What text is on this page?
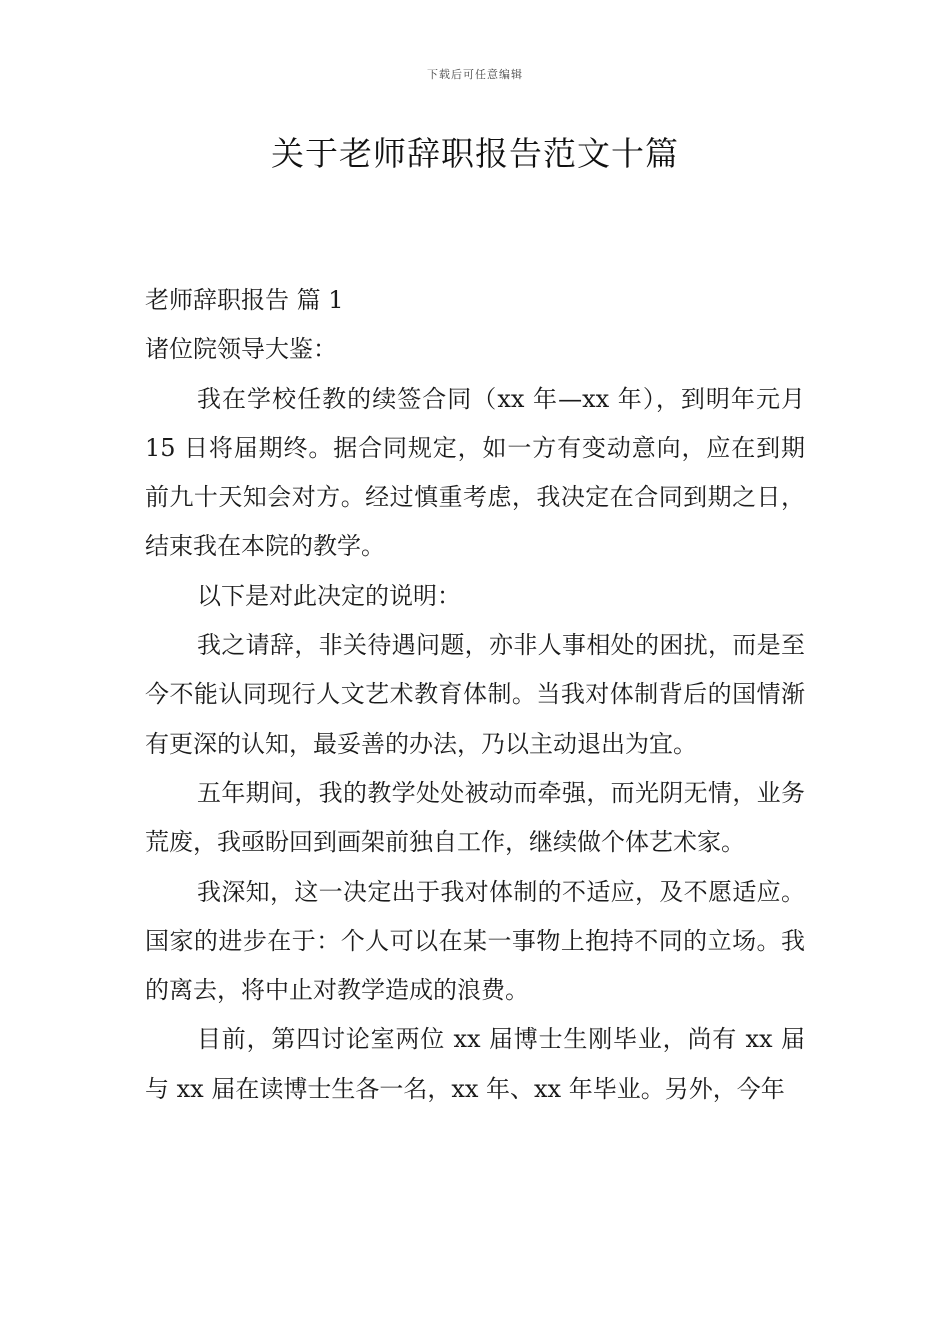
下载后可任意编辑
关于老师辞职报告范文十篇

老师辞职报告 篇 1

诸位院领导大鉴：

我在学校任教的续签合同（xx 年—xx 年），到明年元月 15 日将届期终。据合同规定，如一方有变动意向，应在到期前九十天知会对方。经过慎重考虑，我决定在合同到期之日，结束我在本院的教学。

以下是对此决定的说明：

我之请辞，非关待遇问题，亦非人事相处的困扰，而是至今不能认同现行人文艺术教育体制。当我对体制背后的国情渐有更深的认知，最妥善的办法，乃以主动退出为宜。

五年期间，我的教学处处被动而牵强，而光阴无情，业务荒废，我亟盼回到画架前独自工作，继续做个体艺术家。

我深知，这一决定出于我对体制的不适应，及不愿适应。国家的进步在于：个人可以在某一事物上抱持不同的立场。我的离去，将中止对教学造成的浪费。

目前，第四讨论室两位 xx 届博士生刚毕业，尚有 xx 届与 xx 届在读博士生各一名，xx 年、xx 年毕业。另外，今年
